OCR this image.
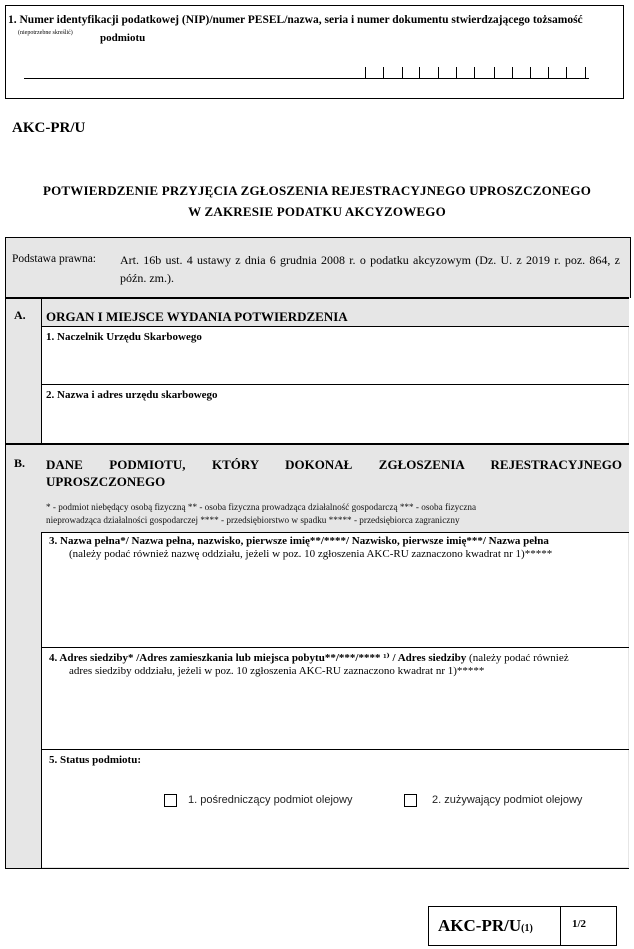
1. Numer identyfikacji podatkowej (NIP)/numer PESEL/nazwa, seria i numer dokumentu stwierdzającego tożsamość
(niepotrzebne skreślić) podmiotu
AKC-PR/U
POTWIERDZENIE PRZYJĘCIA ZGŁOSZENIA REJESTRACYJNEGO UPROSZCZONEGO
W ZAKRESIE PODATKU AKCYZOWEGO
Podstawa prawna: Art. 16b ust. 4 ustawy z dnia 6 grudnia 2008 r. o podatku akcyzowym (Dz. U. z 2019 r. poz. 864, z późn. zm.).
A. ORGAN I MIEJSCE WYDANIA POTWIERDZENIA
1. Naczelnik Urzędu Skarbowego
2. Nazwa i adres urzędu skarbowego
B. DANE PODMIOTU, KTÓRY DOKONAŁ ZGŁOSZENIA REJESTRACYJNEGO
UPROSZCZONEGO
* - podmiot niebędący osobą fizyczną ** - osoba fizyczna prowadząca działalność gospodarczą *** - osoba fizyczna
nieprowadząca działalności gospodarczej **** - przedsiębiorstwo w spadku ***** - przedsiębiorca zagraniczny
3. Nazwa pełna*/ Nazwa pełna, nazwisko, pierwsze imię**/****/ Nazwisko, pierwsze imię***/ Nazwa pełna
(należy podać również nazwę oddziału, jeżeli w poz. 10 zgłoszenia AKC-RU zaznaczono kwadrat nr 1)*****
4. Adres siedziby* /Adres zamieszkania lub miejsca pobytu**/***/**** ¹⁾ / Adres siedziby (należy podać również
adres siedziby oddziału, jeżeli w poz. 10 zgłoszenia AKC-RU zaznaczono kwadrat nr 1)*****
5. Status podmiotu:
1. pośredniczący podmiot olejowy	2. zużywający podmiot olejowy
AKC-PR/U(1)	1/2
